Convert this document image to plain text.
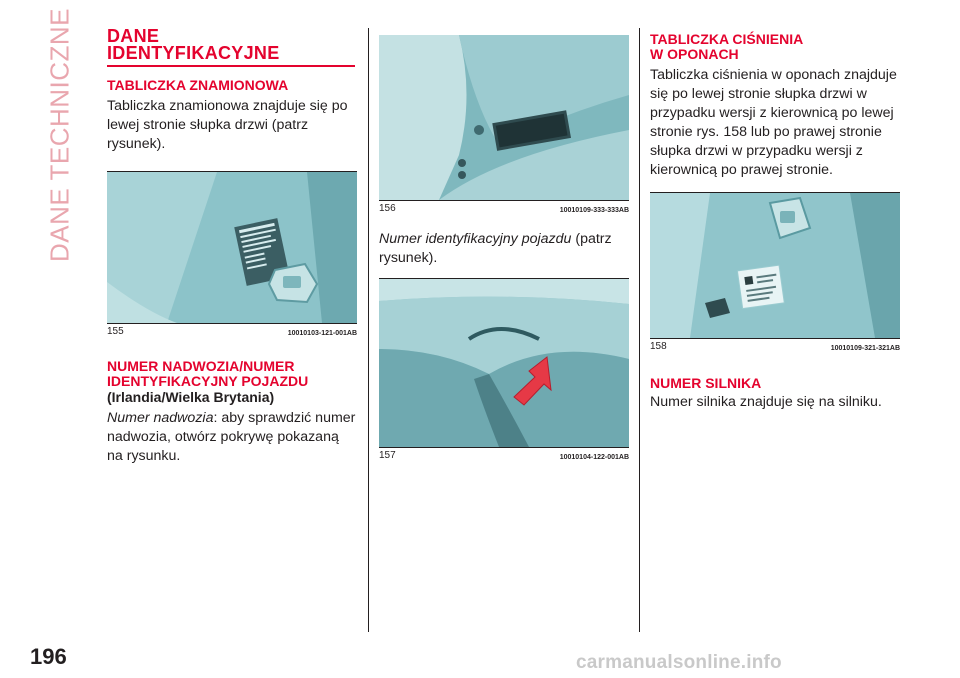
DANE TECHNICZNE DANE
IDENTYFIKACYJNE
TABLICZKA ZNAMIONOWA
Tabliczka znamionowa znajduje się po lewej stronie słupka drzwi (patrz rysunek).
155	10010103-121-001AB
NUMER NADWOZIA/NUMER
IDENTYFIKACYJNY POJAZDU
(Irlandia/Wielka Brytania)
Numer nadwozia: aby sprawdzić numer nadwozia, otwórz pokrywę pokazaną na rysunku.
156	10010109-333-333AB
Numer identyfikacyjny pojazdu (patrz rysunek).
157	10010104-122-001AB
TABLICZKA CIŚNIENIA
W OPONACH
Tabliczka ciśnienia w oponach znajduje się po lewej stronie słupka drzwi w przypadku wersji z kierownicą po lewej stronie rys. 158 lub po prawej stronie słupka drzwi w przypadku wersji z kierownicą po prawej stronie.
158	10010109-321-321AB
NUMER SILNIKA
Numer silnika znajduje się na silniku.
196	carmanualsonline.info
